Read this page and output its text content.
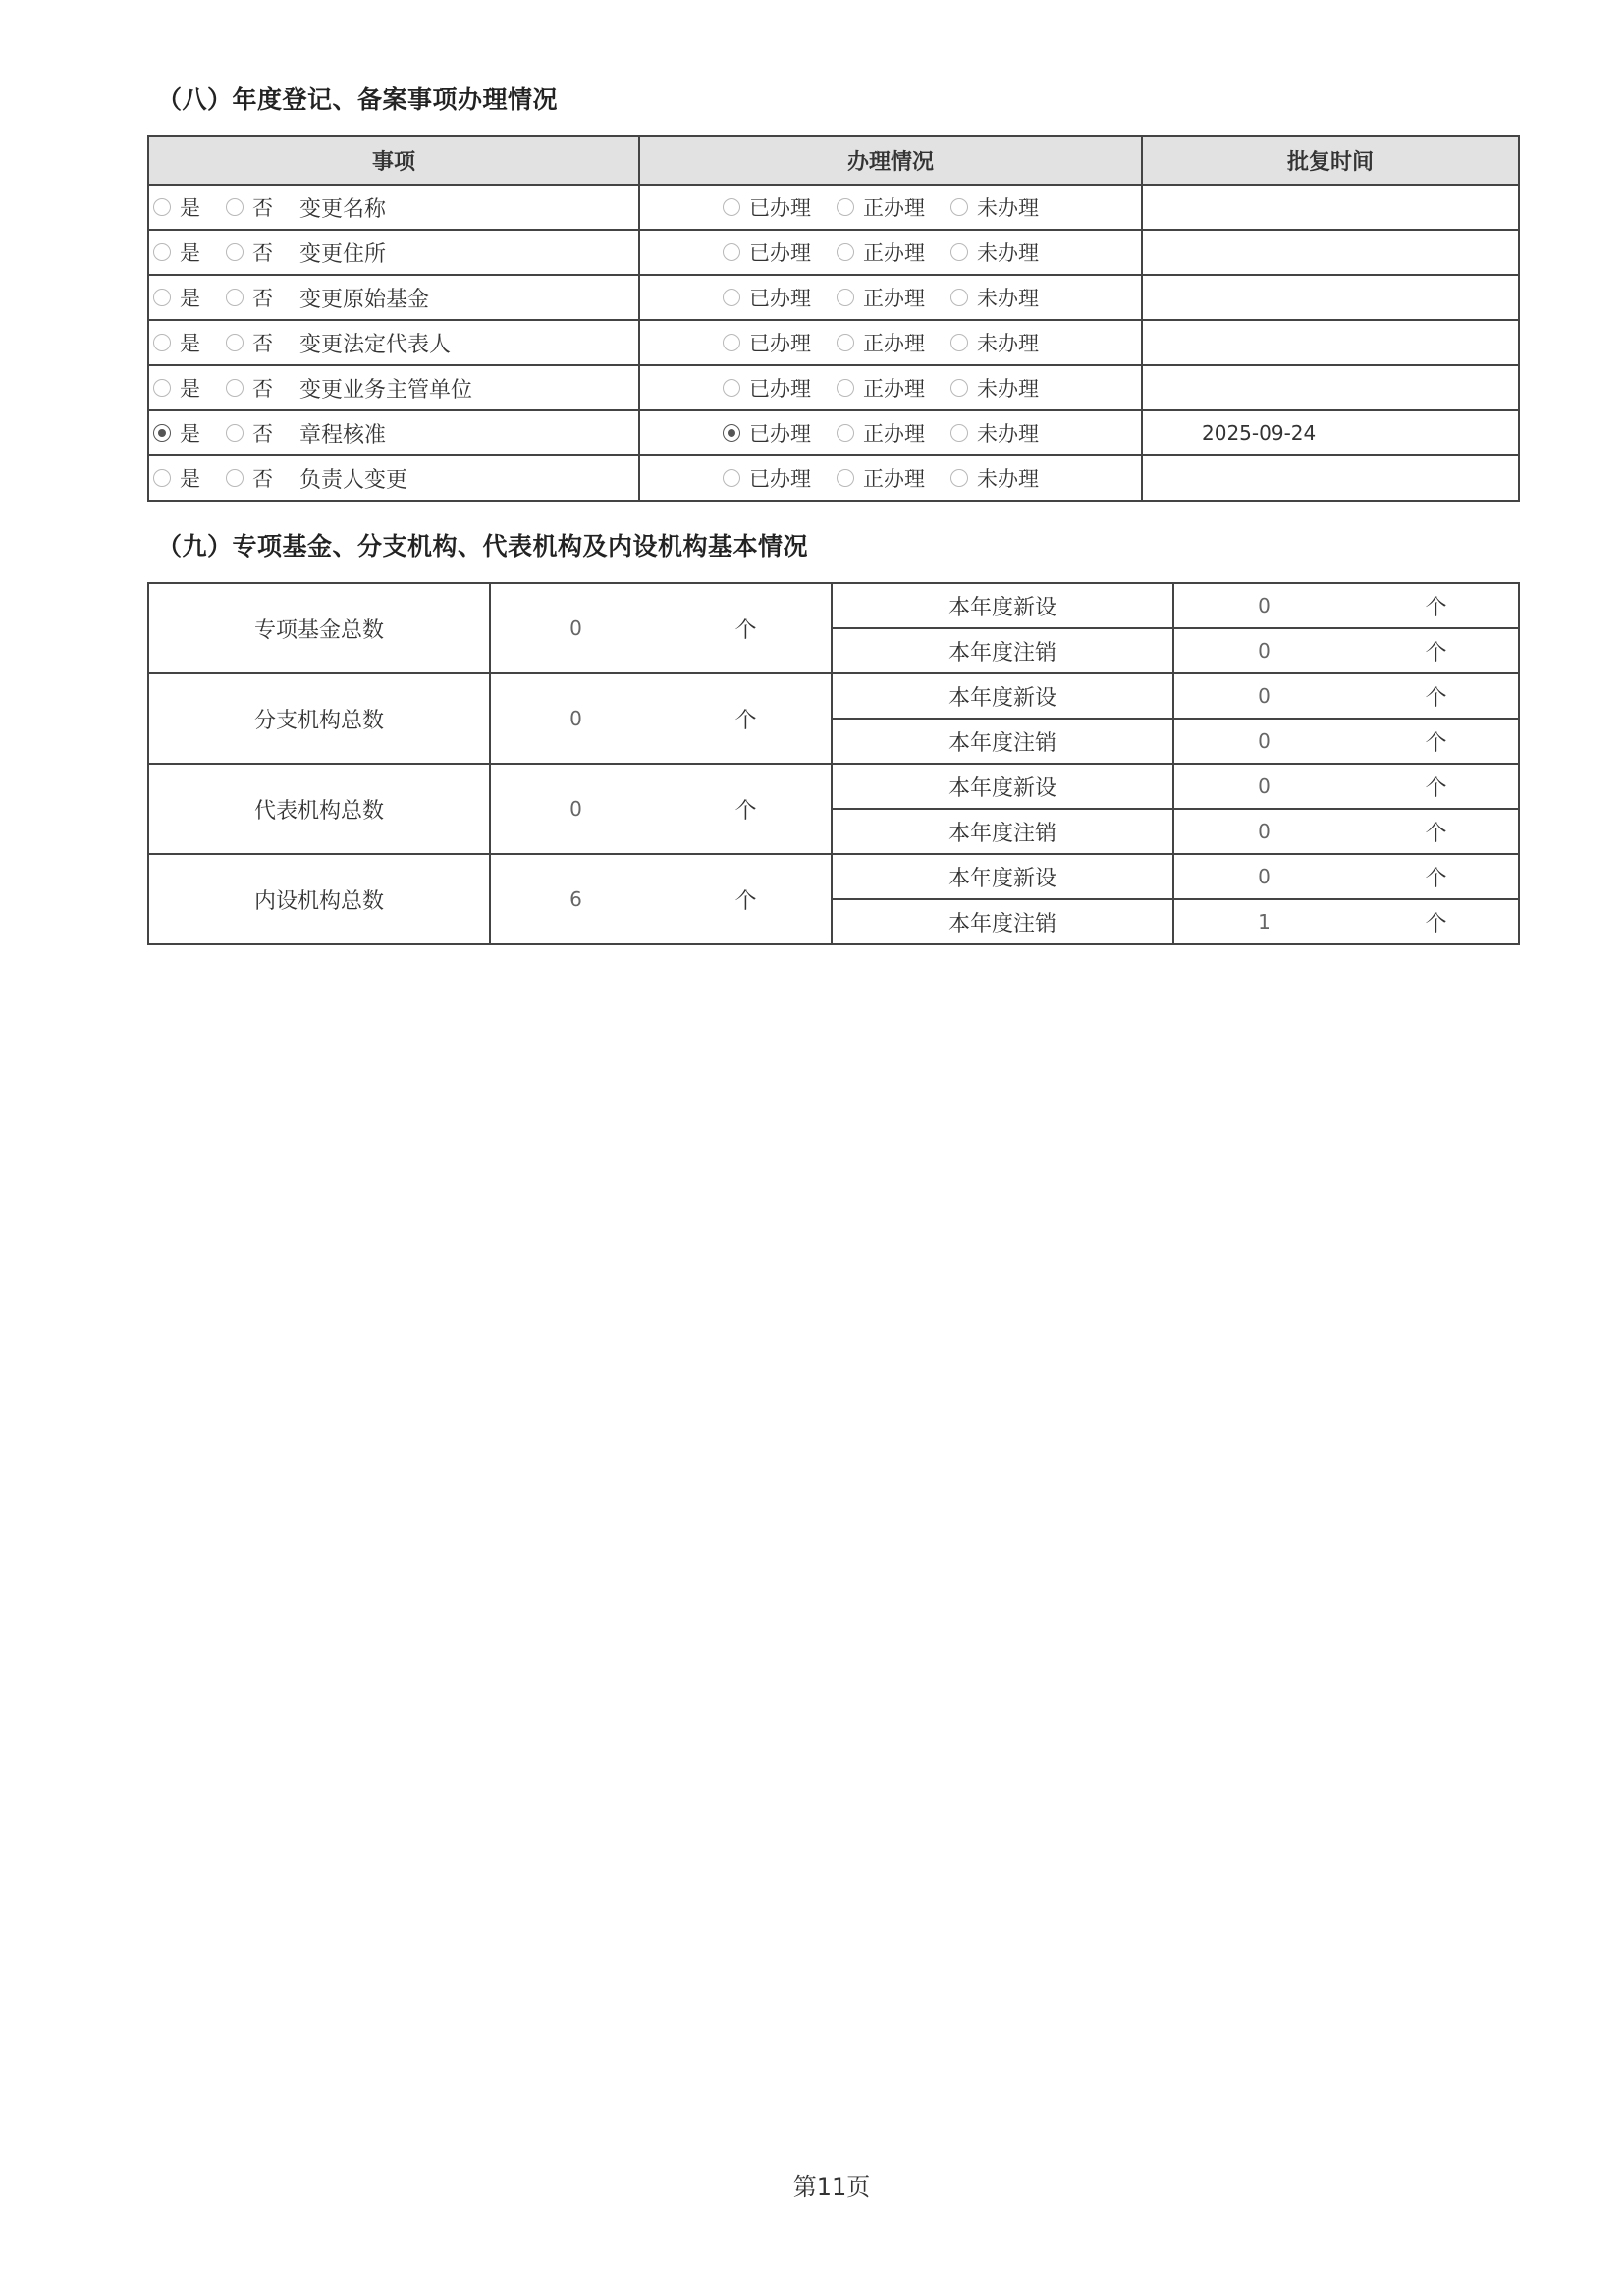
（八）年度登记、备案事项办理情况
事项	办理情况	批复时间

是 否 变更名称	已办理 正办理 未办理	

是 否 变更住所	已办理 正办理 未办理	

是 否 变更原始基金	已办理 正办理 未办理	

是 否 变更法定代表人	已办理 正办理 未办理	

是 否 变更业务主管单位	已办理 正办理 未办理	

是 否 章程核准	已办理 正办理 未办理	2025-09-24

是 否 负责人变更	已办理 正办理 未办理	

（九）专项基金、分支机构、代表机构及内设机构基本情况
专项基金总数	0	个	本年度新设	0	个
			本年度注销	0	个
分支机构总数	0	个	本年度新设	0	个
			本年度注销	0	个
代表机构总数	0	个	本年度新设	0	个
			本年度注销	0	个
内设机构总数	6	个	本年度新设	0	个
			本年度注销	1	个
第11页
